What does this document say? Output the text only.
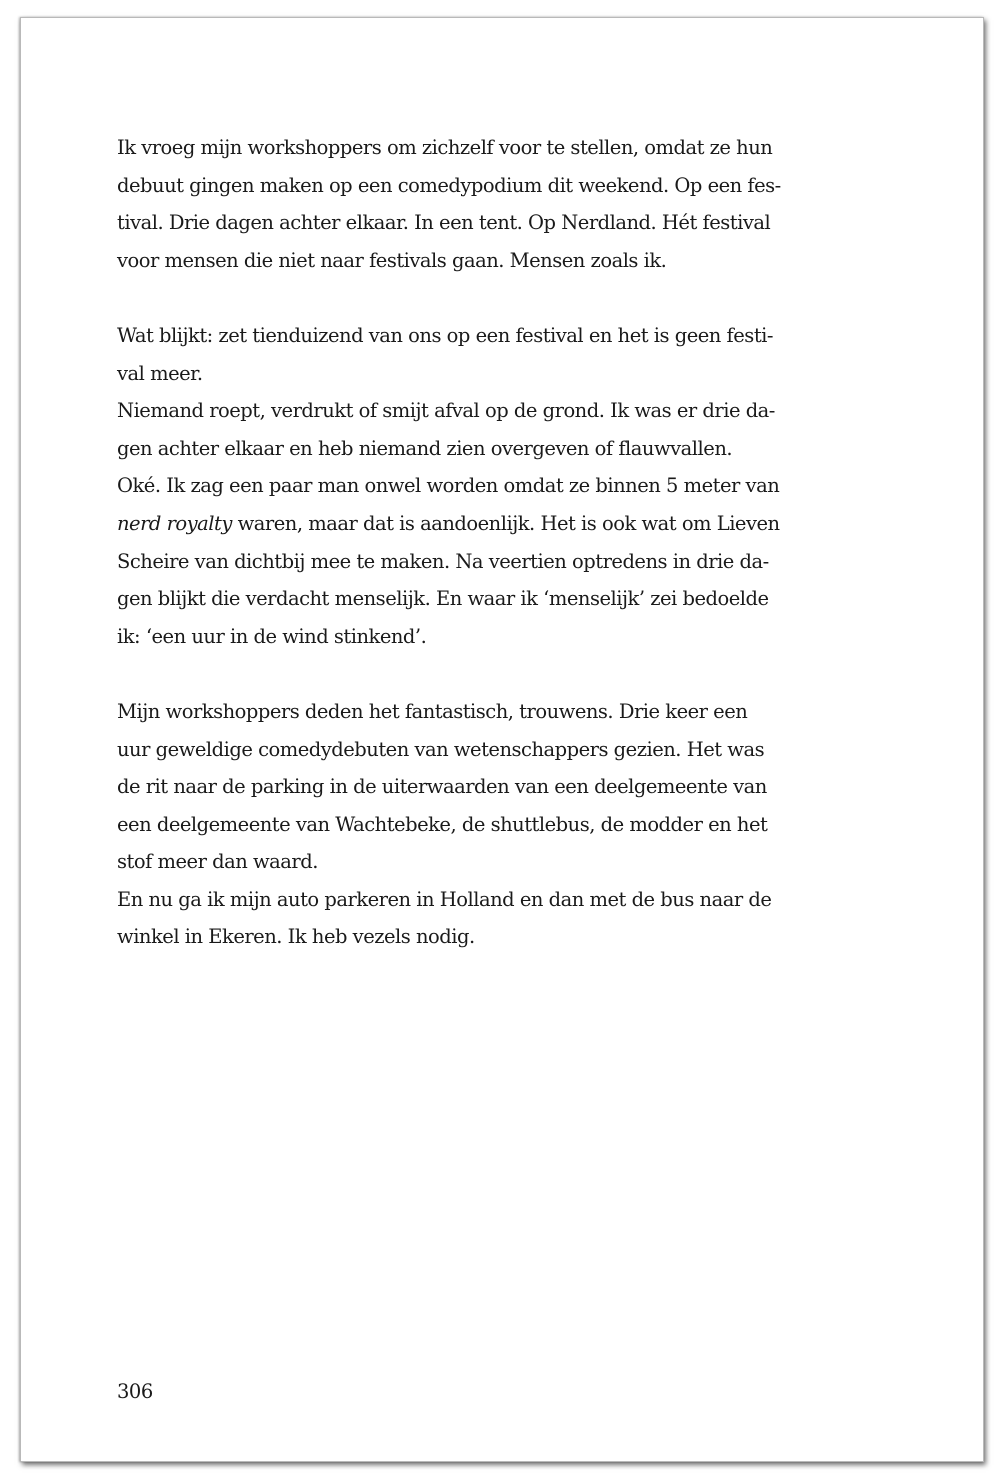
Ik vroeg mijn workshoppers om zichzelf voor te stellen, omdat ze hun
debuut gingen maken op een comedypodium dit weekend. Op een fes-
tival. Drie dagen achter elkaar. In een tent. Op Nerdland. Hét festival
voor mensen die niet naar festivals gaan. Mensen zoals ik.
Wat blijkt: zet tienduizend van ons op een festival en het is geen festi-
val meer.
Niemand roept, verdrukt of smijt afval op de grond. Ik was er drie da-
gen achter elkaar en heb niemand zien overgeven of flauwvallen.
Oké. Ik zag een paar man onwel worden omdat ze binnen 5 meter van
nerd royalty waren, maar dat is aandoenlijk. Het is ook wat om Lieven
Scheire van dichtbij mee te maken. Na veertien optredens in drie da-
gen blijkt die verdacht menselijk. En waar ik ‘menselijk’ zei bedoelde
ik: ‘een uur in de wind stinkend’.
Mijn workshoppers deden het fantastisch, trouwens. Drie keer een
uur geweldige comedydebuten van wetenschappers gezien. Het was
de rit naar de parking in de uiterwaarden van een deelgemeente van
een deelgemeente van Wachtebeke, de shuttlebus, de modder en het
stof meer dan waard.
En nu ga ik mijn auto parkeren in Holland en dan met de bus naar de
winkel in Ekeren. Ik heb vezels nodig.
306
